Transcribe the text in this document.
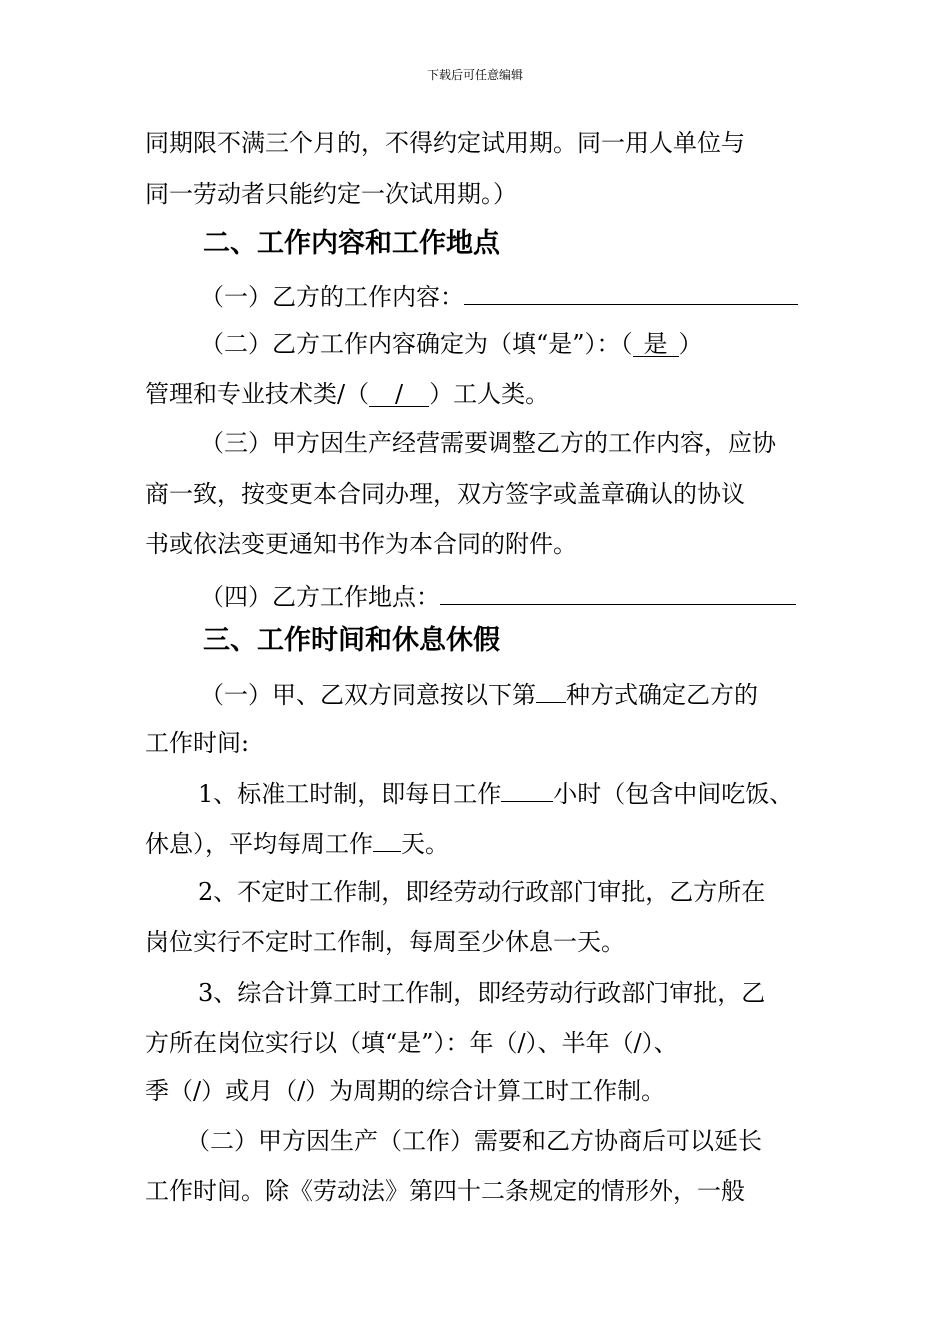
下载后可任意编辑
同期限不满三个月的，不得约定试用期。同一用人单位与
同一劳动者只能约定一次试用期。）
二、工作内容和工作地点
（一）乙方的工作内容：
（二）乙方工作内容确定为（填“是”）：（ 是 ）
管理和专业技术类/（ / ）工人类。
（三）甲方因生产经营需要调整乙方的工作内容，应协
商一致，按变更本合同办理，双方签字或盖章确认的协议
书或依法变更通知书作为本合同的附件。
（四）乙方工作地点：
三、工作时间和休息休假
（一）甲、乙双方同意按以下第 种方式确定乙方的
工作时间:
1、标准工时制，即每日工作 小时（包含中间吃饭、
休息），平均每周工作 天。
2、不定时工作制，即经劳动行政部门审批，乙方所在
岗位实行不定时工作制，每周至少休息一天。
3、综合计算工时工作制，即经劳动行政部门审批，乙
方所在岗位实行以（填“是”）：年（/）、半年（/）、
季（/）或月（/）为周期的综合计算工时工作制。
（二）甲方因生产（工作）需要和乙方协商后可以延长
工作时间。除《劳动法》第四十二条规定的情形外，一般
